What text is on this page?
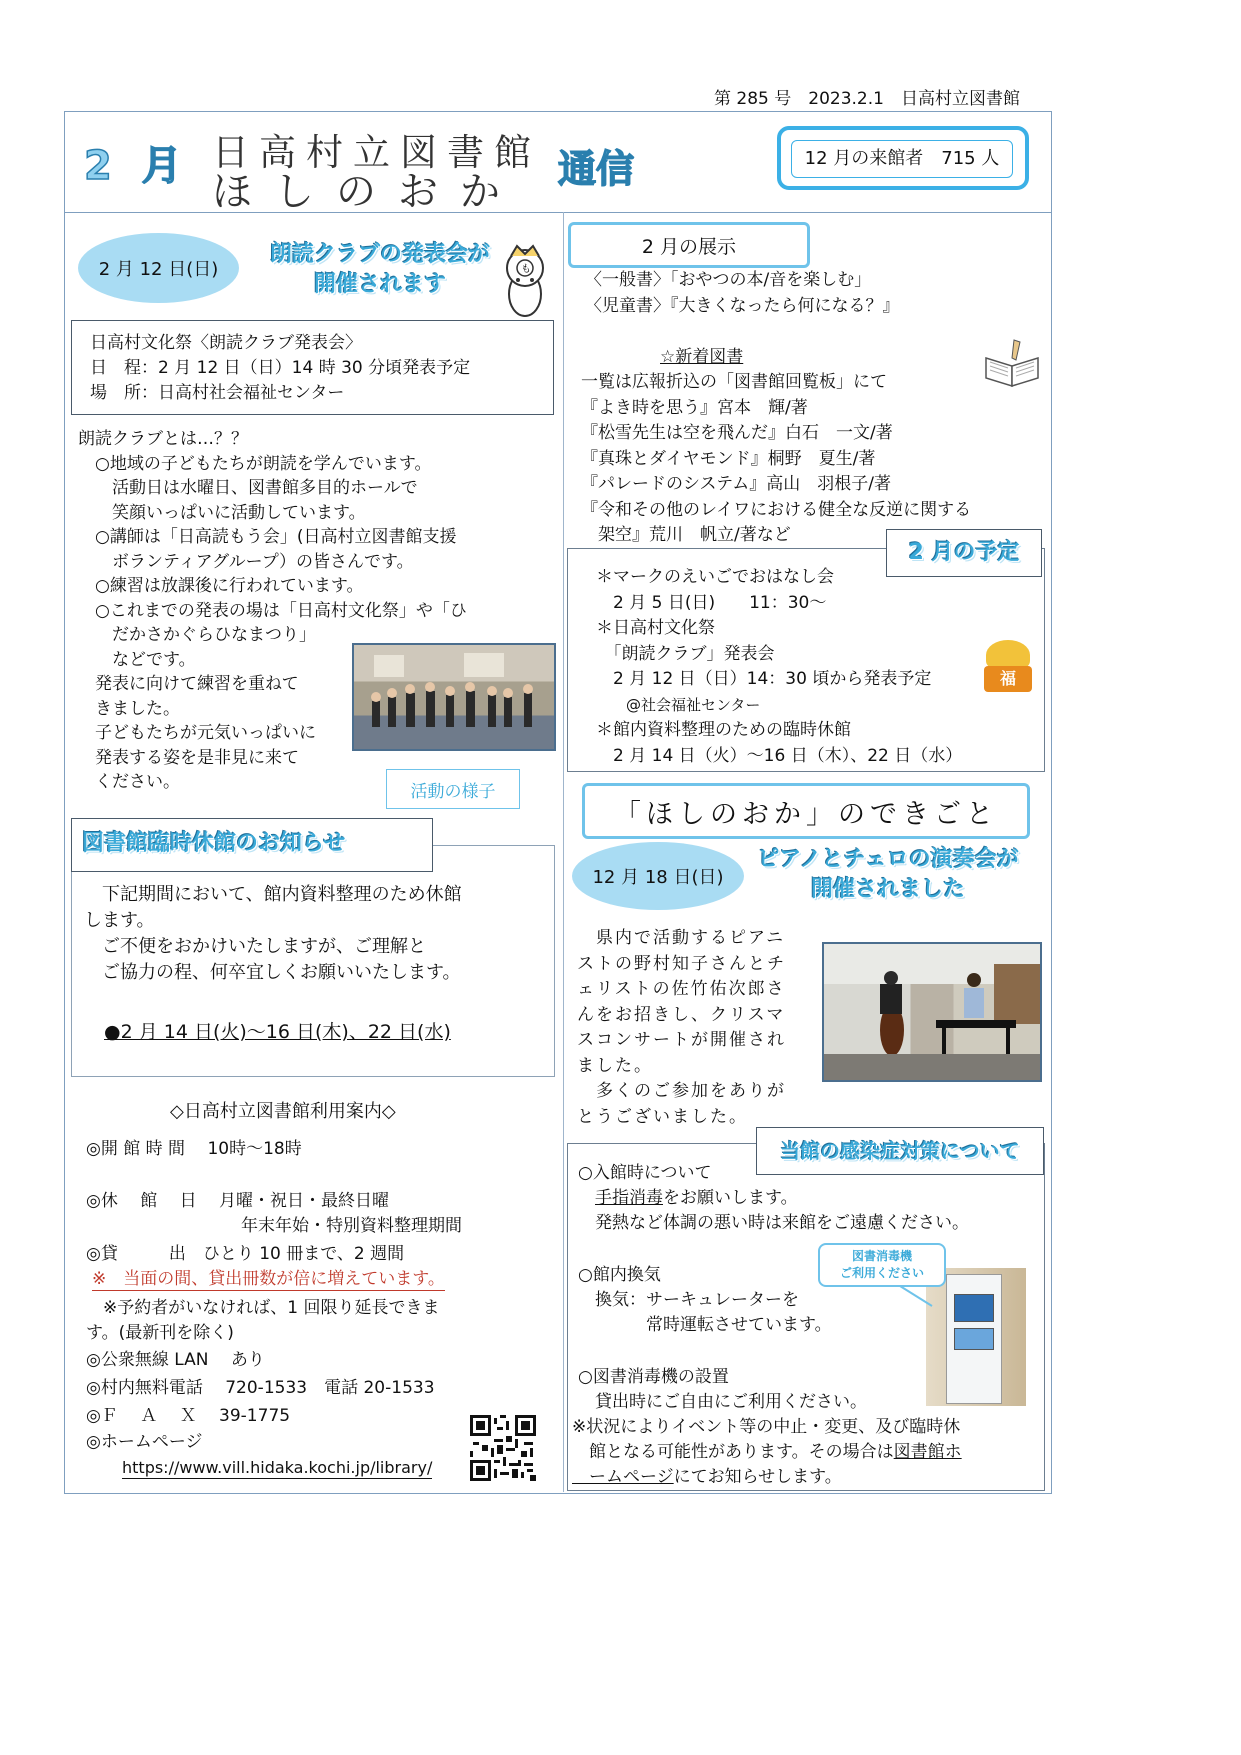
第 285 号　2023.2.1　日高村立図書館
2 月 日高村立図書館
ほしのおか 通信	12 月の来館者　715 人
2 月 12 日(日)
朗読クラブの発表会が
開催されます
も
日高村文化祭〈朗読クラブ発表会〉
日　程：2 月 12 日（日）14 時 30 分頃発表予定
場　所：日高村社会福祉センター
朗読クラブとは…？？
　○地域の子どもたちが朗読を学んでいます。
　　活動日は水曜日、図書館多目的ホールで
　　笑顔いっぱいに活動しています。
　○講師は「日高読もう会」(日高村立図書館支援
　　ボランティアグループ）の皆さんです。
　○練習は放課後に行われています。
　○これまでの発表の場は「日高村文化祭」や「ひ
　　だかさかぐらひなまつり」
　　などです。
　発表に向けて練習を重ねて
　きました。
　子どもたちが元気いっぱいに
　発表する姿を是非見に来て
　ください。	活動の様子
図書館臨時休館のお知らせ
　下記期間において、館内資料整理のため休館
します。
　ご不便をおかけいたしますが、ご理解と
　ご協力の程、何卒宜しくお願いいたします。
●2 月 14 日(火)～16 日(木)、22 日(水)
◇日高村立図書館利用案内◇
◎開 館 時 間　 10時～18時
◎休　 館　 日　 月曜・祝日・最終日曜
年末年始・特別資料整理期間
◎貸　　　出　ひとり 10 冊まで、2 週間
※　当面の間、貸出冊数が倍に増えています。
　※予約者がいなければ、1 回限り延長できま
す。(最新刊を除く)
◎公衆無線 LAN　 あり
◎村内無料電話　 720-1533　電話 20-1533
◎Ｆ　 Ａ　 Ｘ　 39-1775
◎ホームページ
https://www.vill.hidaka.kochi.jp/library/
2 月の展示
〈一般書〉「おやつの本/音を楽しむ」
〈児童書〉『大きくなったら何になる？』
☆新着図書
一覧は広報折込の「図書館回覧板」にて
『よき時を思う』宮本　輝/著
『松雪先生は空を飛んだ』白石　一文/著
『真珠とダイヤモンド』桐野　夏生/著
『パレードのシステム』高山　羽根子/著
『令和その他のレイワにおける健全な反逆に関する
　架空』荒川　帆立/著など
2 月の予定
＊マークのえいごでおはなし会
　2 月 5 日(日)　　11：30～
＊日高村文化祭
　「朗読クラブ」発表会
　2 月 12 日（日）14：30 頃から発表予定
　　@社会福祉センター
＊館内資料整理のための臨時休館
　2 月 14 日（火）～16 日（木）、22 日（水）
福
「ほしのおか」のできごと
12 月 18 日(日)
ピアノとチェロの演奏会が
開催されました
　県内で活動するピアニ
ストの野村知子さんとチ
ェリストの佐竹佑次郎さ
んをお招きし、クリスマ
スコンサートが開催され
ました。
　多くのご参加をありが
とうございました。
当館の感染症対策について
○入館時について
　手指消毒をお願いします。
　発熱など体調の悪い時は来館をご遠慮ください。
○館内換気
　換気：サーキュレーターを
　　　　常時運転させています。
○図書消毒機の設置
　貸出時にご自由にご利用ください。
※状況によりイベント等の中止・変更、及び臨時休
　館となる可能性があります。その場合は図書館ホ
　ームページにてお知らせします。
図書消毒機
ご利用ください
